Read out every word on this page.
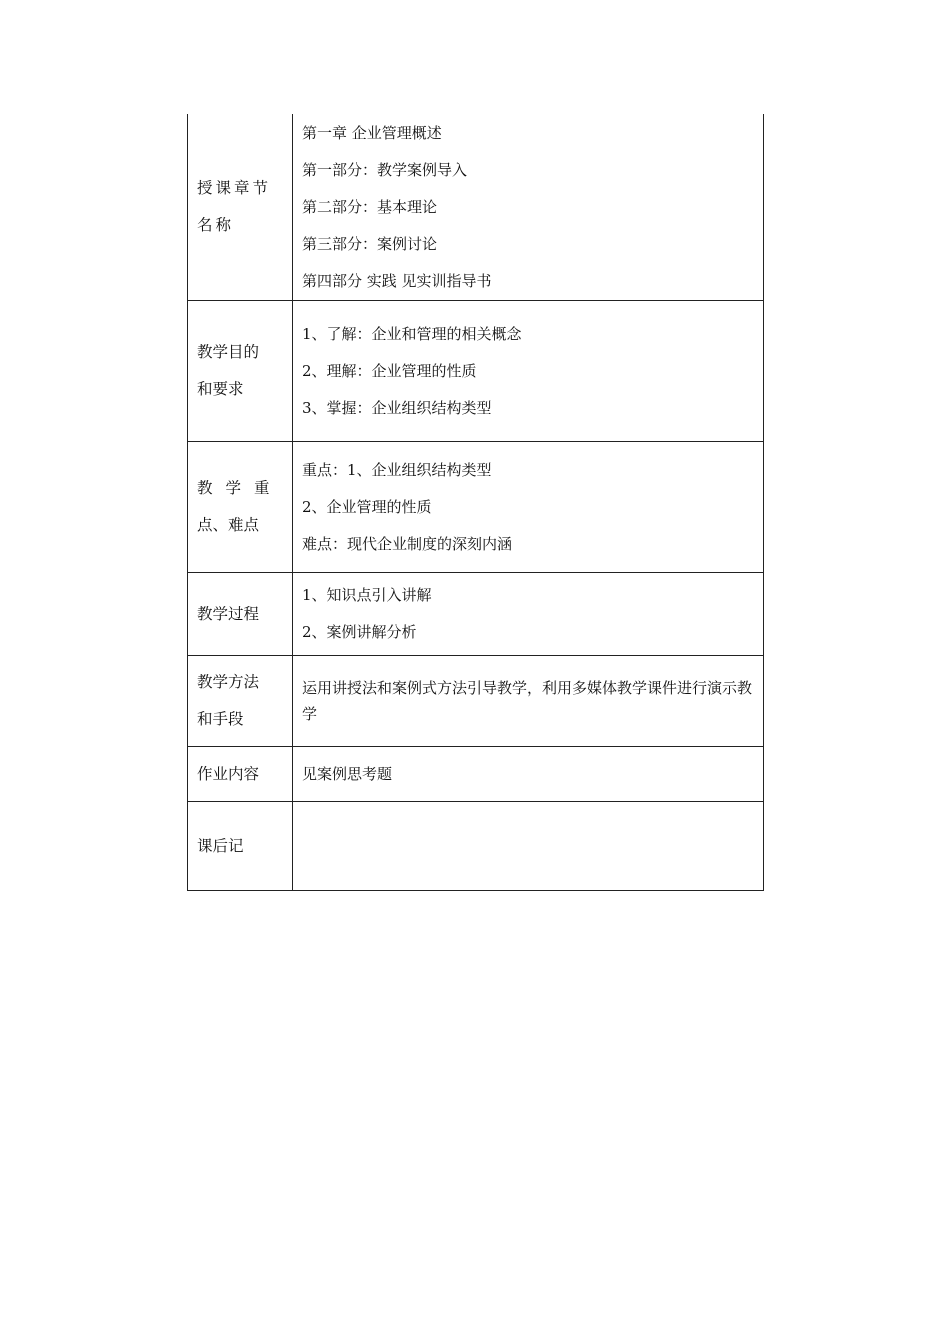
授课章节
名称	第一章 企业管理概述
第一部分：教学案例导入
第二部分：基本理论
第三部分：案例讨论
第四部分 实践 见实训指导书

教学目的
和要求	1、了解：企业和管理的相关概念
2、理解：企业管理的性质
3、掌握：企业组织结构类型

教学重
点、难点	重点：1、企业组织结构类型
2、企业管理的性质
难点：现代企业制度的深刻内涵

教学过程	1、知识点引入讲解
2、案例讲解分析

教学方法
和手段	运用讲授法和案例式方法引导教学，利用多媒体教学课件进行演示教学

作业内容	见案例思考题

课后记	
